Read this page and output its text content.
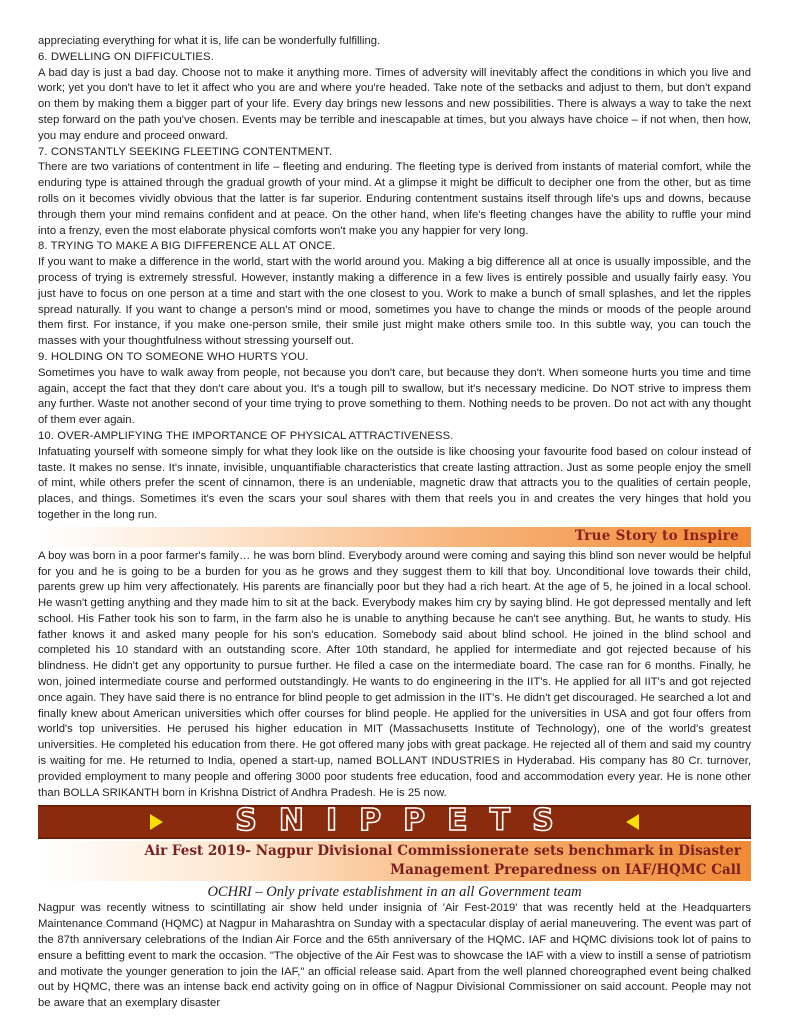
appreciating everything for what it is, life can be wonderfully fulfilling.

6. DWELLING ON DIFFICULTIES.

A bad day is just a bad day. Choose not to make it anything more. Times of adversity will inevitably affect the conditions in which you live and work; yet you don't have to let it affect who you are and where you're headed. Take note of the setbacks and adjust to them, but don't expand on them by making them a bigger part of your life. Every day brings new lessons and new possibilities. There is always a way to take the next step forward on the path you've chosen. Events may be terrible and inescapable at times, but you always have choice – if not when, then how, you may endure and proceed onward.

7. CONSTANTLY SEEKING FLEETING CONTENTMENT.

There are two variations of contentment in life – fleeting and enduring. The fleeting type is derived from instants of material comfort, while the enduring type is attained through the gradual growth of your mind. At a glimpse it might be difficult to decipher one from the other, but as time rolls on it becomes vividly obvious that the latter is far superior. Enduring contentment sustains itself through life's ups and downs, because through them your mind remains confident and at peace. On the other hand, when life's fleeting changes have the ability to ruffle your mind into a frenzy, even the most elaborate physical comforts won't make you any happier for very long.

8. TRYING TO MAKE A BIG DIFFERENCE ALL AT ONCE.

If you want to make a difference in the world, start with the world around you. Making a big difference all at once is usually impossible, and the process of trying is extremely stressful. However, instantly making a difference in a few lives is entirely possible and usually fairly easy. You just have to focus on one person at a time and start with the one closest to you. Work to make a bunch of small splashes, and let the ripples spread naturally. If you want to change a person's mind or mood, sometimes you have to change the minds or moods of the people around them first. For instance, if you make one-person smile, their smile just might make others smile too. In this subtle way, you can touch the masses with your thoughtfulness without stressing yourself out.

9. HOLDING ON TO SOMEONE WHO HURTS YOU.

Sometimes you have to walk away from people, not because you don't care, but because they don't. When someone hurts you time and time again, accept the fact that they don't care about you. It's a tough pill to swallow, but it's necessary medicine. Do NOT strive to impress them any further. Waste not another second of your time trying to prove something to them. Nothing needs to be proven. Do not act with any thought of them ever again.

10. OVER-AMPLIFYING THE IMPORTANCE OF PHYSICAL ATTRACTIVENESS.

Infatuating yourself with someone simply for what they look like on the outside is like choosing your favourite food based on colour instead of taste. It makes no sense. It's innate, invisible, unquantifiable characteristics that create lasting attraction. Just as some people enjoy the smell of mint, while others prefer the scent of cinnamon, there is an undeniable, magnetic draw that attracts you to the qualities of certain people, places, and things. Sometimes it's even the scars your soul shares with them that reels you in and creates the very hinges that hold you together in the long run.

True Story to Inspire

A boy was born in a poor farmer's family… he was born blind. Everybody around were coming and saying this blind son never would be helpful for you and he is going to be a burden for you as he grows and they suggest them to kill that boy. Unconditional love towards their child, parents grew up him very affectionately. His parents are financially poor but they had a rich heart. At the age of 5, he joined in a local school. He wasn't getting anything and they made him to sit at the back. Everybody makes him cry by saying blind. He got depressed mentally and left school. His Father took his son to farm, in the farm also he is unable to anything because he can't see anything. But, he wants to study. His father knows it and asked many people for his son's education. Somebody said about blind school. He joined in the blind school and completed his 10 standard with an outstanding score. After 10th standard, he applied for intermediate and got rejected because of his blindness. He didn't get any opportunity to pursue further. He filed a case on the intermediate board. The case ran for 6 months. Finally, he won, joined intermediate course and performed outstandingly. He wants to do engineering in the IIT's. He applied for all IIT's and got rejected once again. They have said there is no entrance for blind people to get admission in the IIT's. He didn't get discouraged. He searched a lot and finally knew about American universities which offer courses for blind people. He applied for the universities in USA and got four offers from world's top universities. He perused his higher education in MIT (Massachusetts Institute of Technology), one of the world's greatest universities. He completed his education from there. He got offered many jobs with great package. He rejected all of them and said my country is waiting for me. He returned to India, opened a start-up, named BOLLANT INDUSTRIES in Hyderabad. His company has 80 Cr. turnover, provided employment to many people and offering 3000 poor students free education, food and accommodation every year. He is none other than BOLLA SRIKANTH born in Krishna District of Andhra Pradesh. He is 25 now.

SNIPPETS
Air Fest 2019- Nagpur Divisional Commissionerate sets benchmark in Disaster
Management Preparedness on IAF/HQMC Call
OCHRI – Only private establishment in an all Government team

Nagpur was recently witness to scintillating air show held under insignia of 'Air Fest-2019' that was recently held at the Headquarters Maintenance Command (HQMC) at Nagpur in Maharashtra on Sunday with a spectacular display of aerial maneuvering. The event was part of the 87th anniversary celebrations of the Indian Air Force and the 65th anniversary of the HQMC. IAF and HQMC divisions took lot of pains to ensure a befitting event to mark the occasion. "The objective of the Air Fest was to showcase the IAF with a view to instill a sense of patriotism and motivate the younger generation to join the IAF," an official release said. Apart from the well planned choreographed event being chalked out by HQMC, there was an intense back end activity going on in office of Nagpur Divisional Commissioner on said account. People may not be aware that an exemplary disaster
